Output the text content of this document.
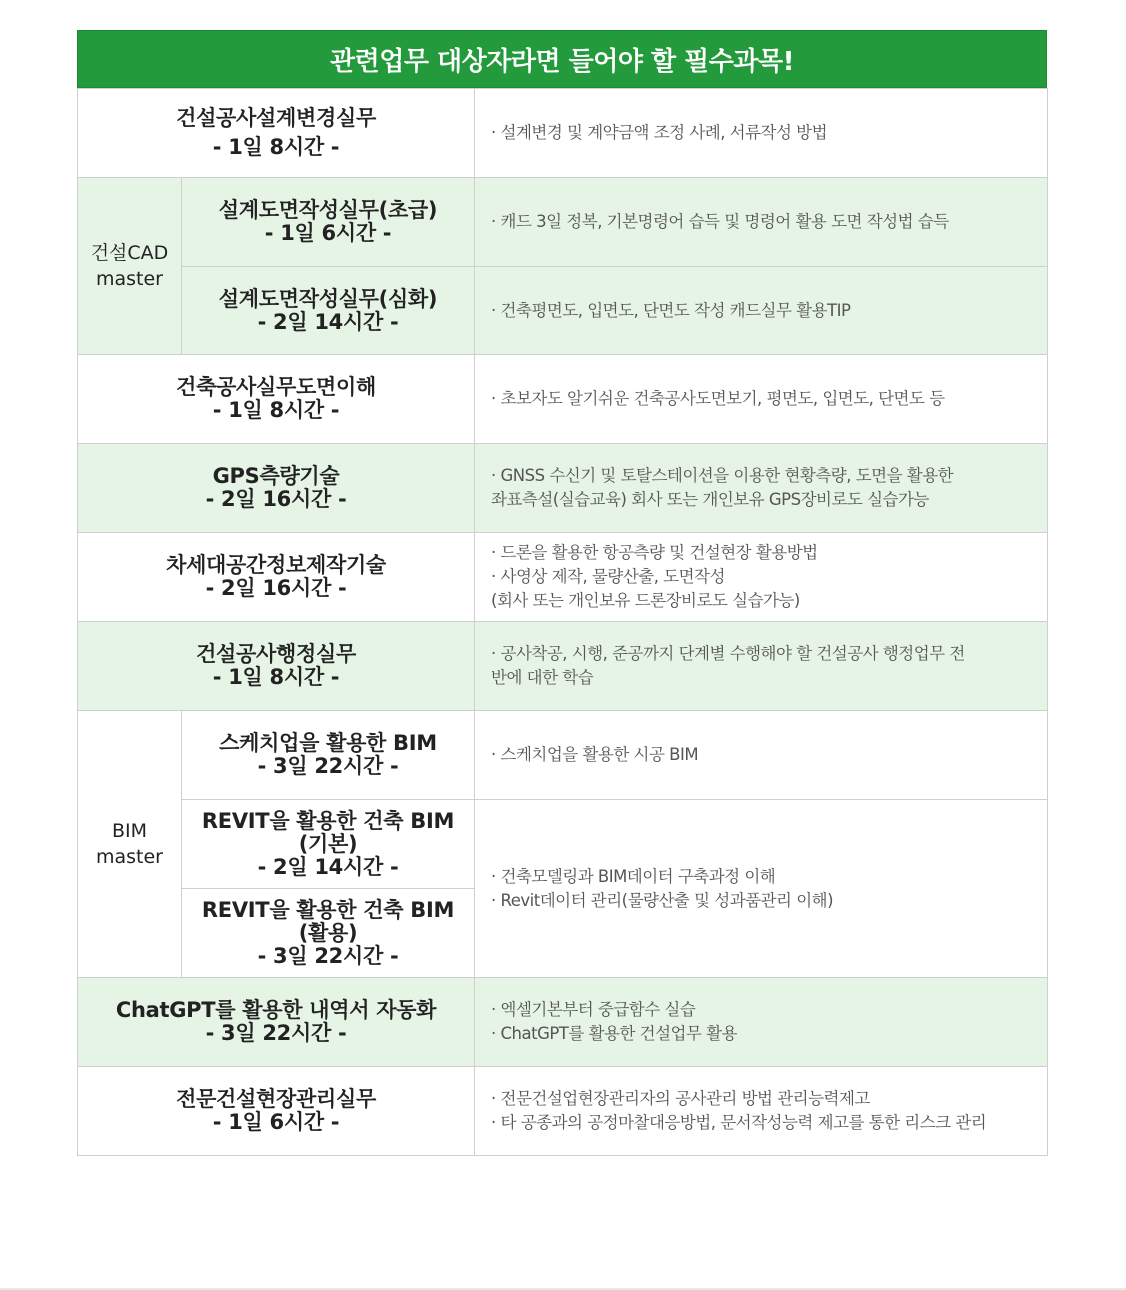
관련업무 대상자라면 들어야 할 필수과목!
건설공사설계변경실무
- 1일 8시간 -		· 설계변경 및 계약금액 조정 사례, 서류작성 방법

건설CAD
master	설계도면작성실무(초급)
- 1일 6시간 -	· 캐드 3일 정복, 기본명령어 습득 및 명령어 활용 도면 작성법 습득

	설계도면작성실무(심화)
- 2일 14시간 -	· 건축평면도, 입면도, 단면도 작성 캐드실무 활용TIP

건축공사실무도면이해
- 1일 8시간 -		· 초보자도 알기쉬운 건축공사도면보기, 평면도, 입면도, 단면도 등

GPS측량기술
- 2일 16시간 -		· GNSS 수신기 및 토탈스테이션을 이용한 현황측량, 도면을 활용한
좌표측설(실습교육) 회사 또는 개인보유 GPS장비로도 실습가능

차세대공간정보제작기술
- 2일 16시간 -		· 드론을 활용한 항공측량 및 건설현장 활용방법
· 사영상 제작, 물량산출, 도면작성
(회사 또는 개인보유 드론장비로도 실습가능)

건설공사행정실무
- 1일 8시간 -		· 공사착공, 시행, 준공까지 단계별 수행해야 할 건설공사 행정업무 전
반에 대한 학습

BIM
master	스케치업을 활용한 BIM
- 3일 22시간 -	· 스케치업을 활용한 시공 BIM

	REVIT을 활용한 건축 BIM
(기본)
- 2일 14시간 -	· 건축모델링과 BIM데이터 구축과정 이해
· Revit데이터 관리(물량산출 및 성과품관리 이해)

	REVIT을 활용한 건축 BIM
(활용)
- 3일 22시간 -	

ChatGPT를 활용한 내역서 자동화
- 3일 22시간 -		· 엑셀기본부터 중급함수 실습
· ChatGPT를 활용한 건설업무 활용

전문건설현장관리실무
- 1일 6시간 -		· 전문건설업현장관리자의 공사관리 방법 관리능력제고
· 타 공종과의 공정마찰대응방법, 문서작성능력 제고를 통한 리스크 관리
